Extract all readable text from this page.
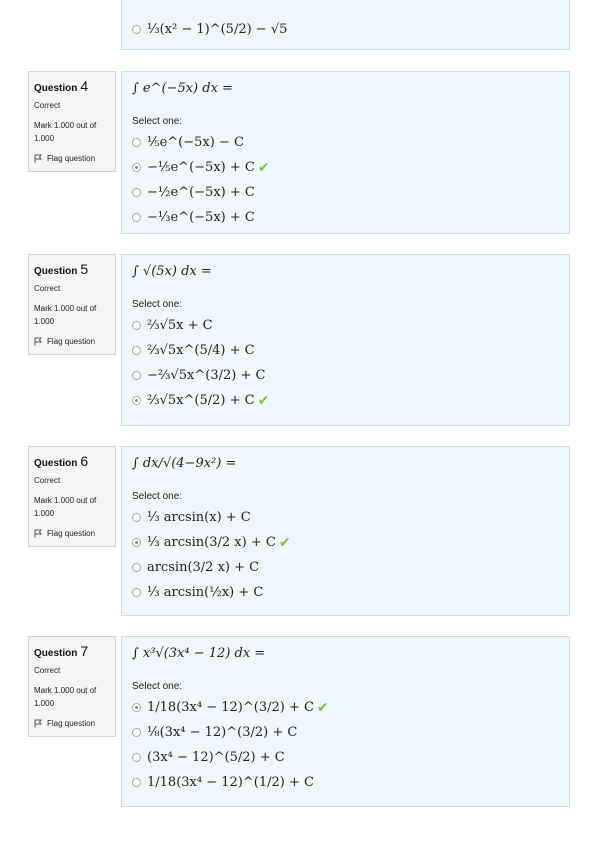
⅓(x² − 1)^(5/2) − √5
Question 4
Correct
Mark 1.000 out of 1.000
Flag question
∫ e^(−5x) dx =
Select one:
⅕e^(−5x) − C
−⅕e^(−5x) + C ✔
−½e^(−5x) + C
−⅓e^(−5x) + C
Question 5
Correct
Mark 1.000 out of 1.000
Flag question
∫ √(5x) dx =
Select one:
⅔√5x + C
⅔√5x^(5/4) + C
−⅔√5x^(3/2) + C
⅔√5x^(5/2) + C ✔
Question 6
Correct
Mark 1.000 out of 1.000
Flag question
∫ dx/√(4−9x²) =
Select one:
⅓ arcsin(x) + C
⅓ arcsin(3/2 x) + C ✔
arcsin(3/2 x) + C
⅓ arcsin(½x) + C
Question 7
Correct
Mark 1.000 out of 1.000
Flag question
∫ x³√(3x⁴ − 12) dx =
Select one:
1/18(3x⁴ − 12)^(3/2) + C ✔
⅛(3x⁴ − 12)^(3/2) + C
(3x⁴ − 12)^(5/2) + C
1/18(3x⁴ − 12)^(1/2) + C
